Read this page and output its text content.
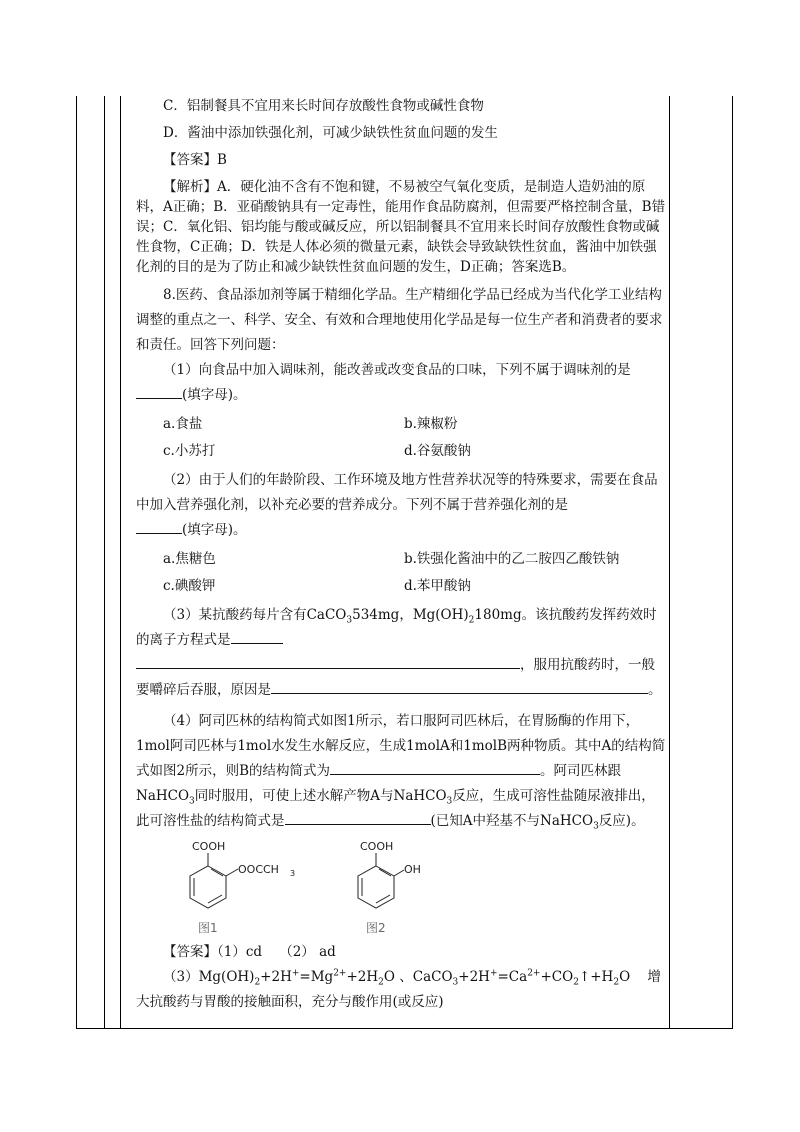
C．铝制餐具不宜用来长时间存放酸性食物或碱性食物

D．酱油中添加铁强化剂，可减少缺铁性贫血问题的发生

【答案】B

【解析】A．硬化油不含有不饱和键，不易被空气氧化变质，是制造人造奶油的原料，A正确；B．亚硝酸钠具有一定毒性，能用作食品防腐剂，但需要严格控制含量，B错误；C．氧化铝、铝均能与酸或碱反应，所以铝制餐具不宜用来长时间存放酸性食物或碱性食物，C正确；D．铁是人体必须的微量元素，缺铁会导致缺铁性贫血，酱油中加铁强化剂的目的是为了防止和减少缺铁性贫血问题的发生，D正确；答案选B。

8.医药、食品添加剂等属于精细化学品。生产精细化学品已经成为当代化学工业结构调整的重点之一、科学、安全、有效和合理地使用化学品是每一位生产者和消费者的要求和责任。回答下列问题：

（1）向食品中加入调味剂，能改善或改变食品的口味，下列不属于调味剂的是
(填字母)。

a.食盐	b.辣椒粉
c.小苏打	d.谷氨酸钠

（2）由于人们的年龄阶段、工作环境及地方性营养状况等的特殊要求，需要在食品中加入营养强化剂，以补充必要的营养成分。下列不属于营养强化剂的是
(填字母)。

a.焦糖色	b.铁强化酱油中的乙二胺四乙酸铁钠
c.碘酸钾	d.苯甲酸钠

（3）某抗酸药每片含有CaCO$_3$534mg，$Mg(OH)_2180mg$。该抗酸药发挥药效时的离子方程式是
，服用抗酸药时，一般要嚼碎后吞服，原因是	。

（4）阿司匹林的结构简式如图1所示，若口服阿司匹林后，在胃肠酶的作用下，1mol阿司匹林与1mol水发生水解反应，生成1molA和1molB两种物质。其中A的结构简式如图2所示，则B的结构简式为	。阿司匹林跟NaHCO$_3$同时服用，可使上述水解产物A与NaHCO$_3$反应，生成可溶性盐随尿液排出，此可溶性盐的结构简式是	(已知A中羟基不与NaHCO$_3$反应)。

COOH
OOCCH 3
图1
COOH
OH
图2

【答案】（1）cd （2） ad

$(3)Mg(OH)_2+2H^+=Mg^{2+}+2H_2O$ 、$CaCO_3+2H^+=Ca^{2+}+CO_2↑+H_2O$    增大抗酸药与胃酸的接触面积，充分与酸作用(或反应)
